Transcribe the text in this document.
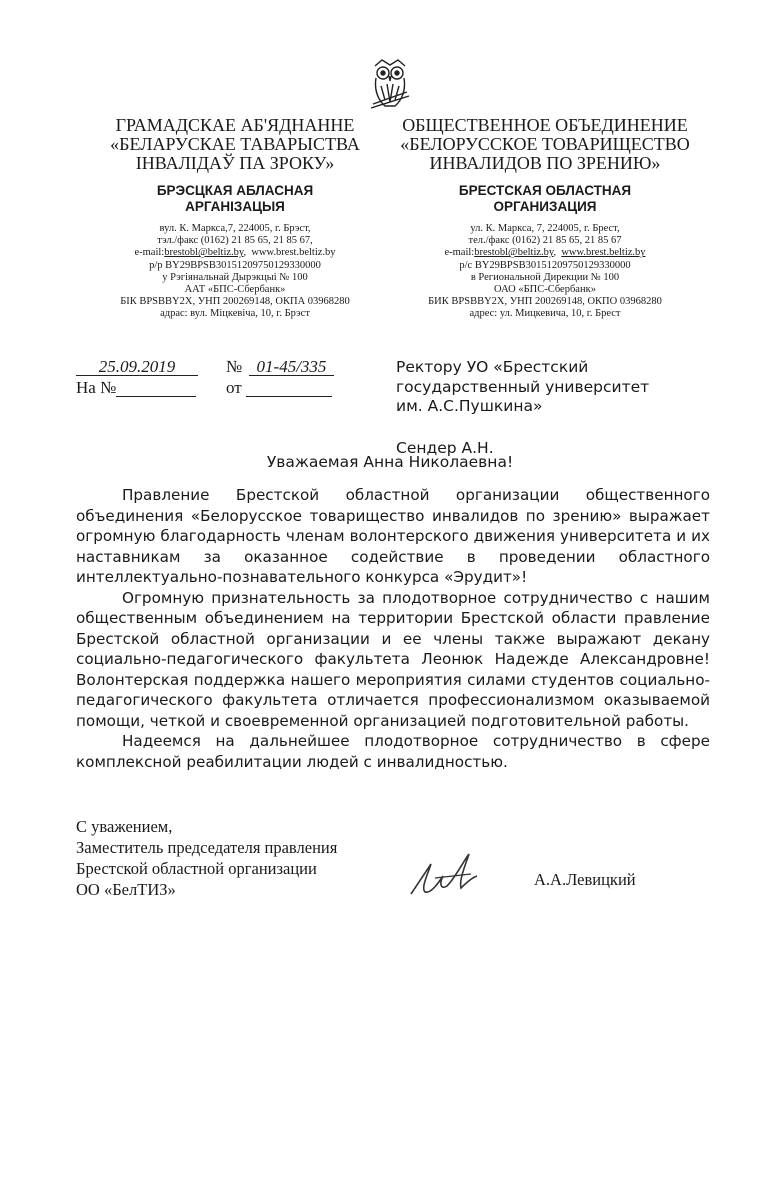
ГРАМАДСКАЕ АБ'ЯДНАННЕ
«БЕЛАРУСКАЕ ТАВАРЫСТВА
ІНВАЛІДАЎ ПА ЗРОКУ»
БРЭСЦКАЯ АБЛАСНАЯ
АРГАНІЗАЦЫЯ
вул. К. Маркса,7, 224005, г. Брэст,
тэл./факс (0162) 21 85 65, 21 85 67,
e-mail:brestobl@beltiz.by,  www.brest.beltiz.by
р/р BY29BPSB30151209750129330000
у Рэгіянальнай Дырэкцыі № 100
ААТ «БПС-Сбербанк»
БІК BPSBBY2X, УНП 200269148, ОКПА 03968280
адрас: вул. Міцкевіча, 10, г. Брэст
ОБЩЕСТВЕННОЕ ОБЪЕДИНЕНИЕ
«БЕЛОРУССКОЕ ТОВАРИЩЕСТВО
ИНВАЛИДОВ ПО ЗРЕНИЮ»
БРЕСТСКАЯ ОБЛАСТНАЯ
ОРГАНИЗАЦИЯ
ул. К. Маркса, 7, 224005, г. Брест,
тел./факс (0162) 21 85 65, 21 85 67
e-mail:brestobl@beltiz.by,  www.brest.beltiz.by
р/с BY29BPSB30151209750129330000
в Региональной Дирекции № 100
ОАО «БПС-Сбербанк»
БИК BPSBBY2X, УНП 200269148, ОКПО 03968280
адрес: ул. Мицкевича, 10, г. Брест
25.09.2019	№ 01-45/335
На №	от
Ректору УО «Брестский
государственный университет
им. А.С.Пушкина»
Сендер А.Н.
Уважаемая Анна Николаевна!

Правление Брестской областной организации общественного объединения «Белорусское товарищество инвалидов по зрению» выражает огромную благодарность членам волонтерского движения университета и их наставникам за оказанное содействие в проведении областного интеллектуально-познавательного конкурса «Эрудит»!

Огромную признательность за плодотворное сотрудничество с нашим общественным объединением на территории Брестской области правление Брестской областной организации и ее члены также выражают декану социально-педагогического факультета Леонюк Надежде Александровне! Волонтерская поддержка нашего мероприятия силами студентов социально-педагогического факультета отличается профессионализмом оказываемой помощи, четкой и своевременной организацией подготовительной работы.

Надеемся на дальнейшее плодотворное сотрудничество в сфере комплексной реабилитации людей с инвалидностью.

С уважением,
Заместитель председателя правления
Брестской областной организации
ОО «БелТИЗ»
А.А.Левицкий
